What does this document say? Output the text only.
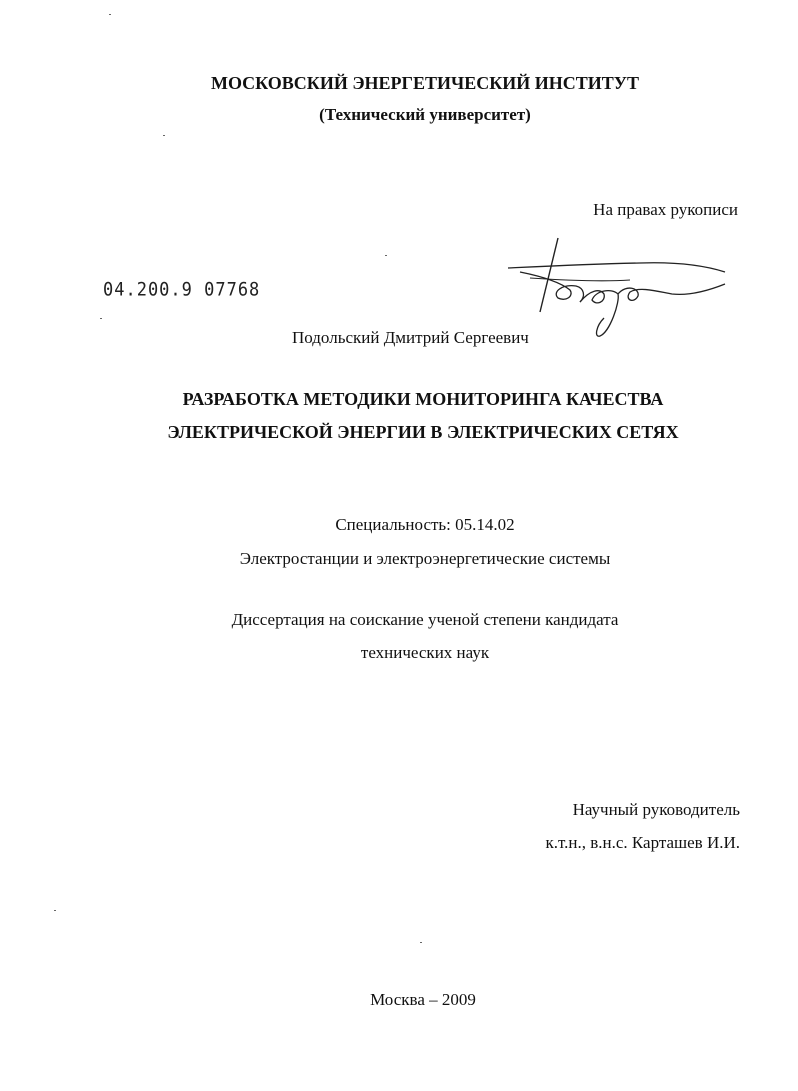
МОСКОВСКИЙ ЭНЕРГЕТИЧЕСКИЙ ИНСТИТУТ
(Технический университет)
На правах рукописи
04.200.9 07768
Подольский Дмитрий Сергеевич
РАЗРАБОТКА МЕТОДИКИ МОНИТОРИНГА КАЧЕСТВА
ЭЛЕКТРИЧЕСКОЙ ЭНЕРГИИ В ЭЛЕКТРИЧЕСКИХ СЕТЯХ
Специальность: 05.14.02
Электростанции и электроэнергетические системы
Диссертация на соискание ученой степени кандидата
технических наук
Научный руководитель
к.т.н., в.н.с. Карташев И.И.
Москва – 2009
